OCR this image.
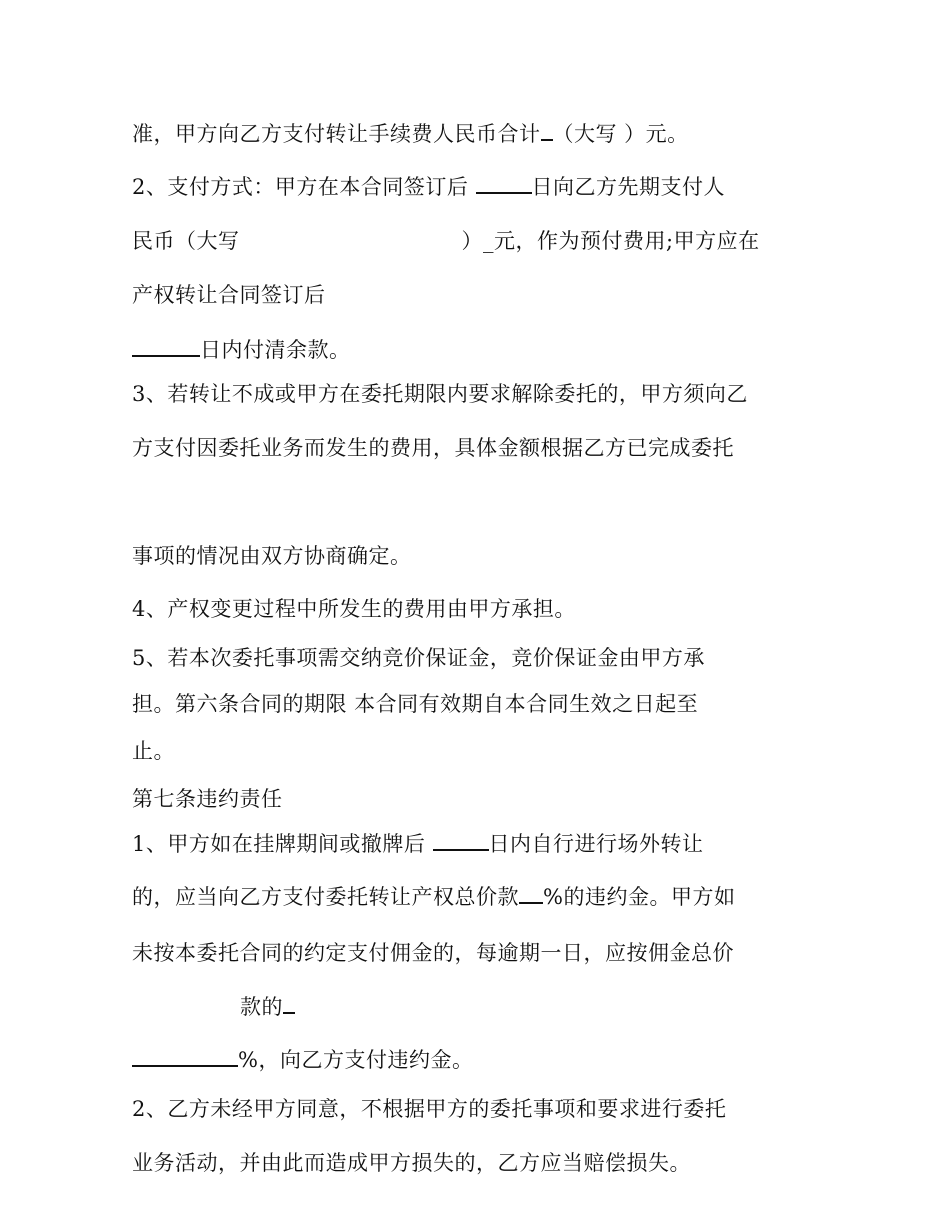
准，甲方向乙方支付转让手续费人民币合计 （大写 ）元。
2、支付方式：甲方在本合同签订后	日向乙方先期支付人
民币（大写	）_元，作为预付费用;甲方应在
产权转让合同签订后
日内付清余款。
3、若转让不成或甲方在委托期限内要求解除委托的，甲方须向乙
方支付因委托业务而发生的费用，具体金额根据乙方已完成委托
事项的情况由双方协商确定。
4、产权变更过程中所发生的费用由甲方承担。
5、若本次委托事项需交纳竞价保证金，竞价保证金由甲方承
担。第六条合同的期限 本合同有效期自本合同生效之日起至
止。
第七条违约责任
1、甲方如在挂牌期间或撤牌后	日内自行进行场外转让
的，应当向乙方支付委托转让产权总价款 %的违约金。甲方如
未按本委托合同的约定支付佣金的，每逾期一日，应按佣金总价
款的
%，向乙方支付违约金。
2、乙方未经甲方同意，不根据甲方的委托事项和要求进行委托
业务活动，并由此而造成甲方损失的，乙方应当赔偿损失。
